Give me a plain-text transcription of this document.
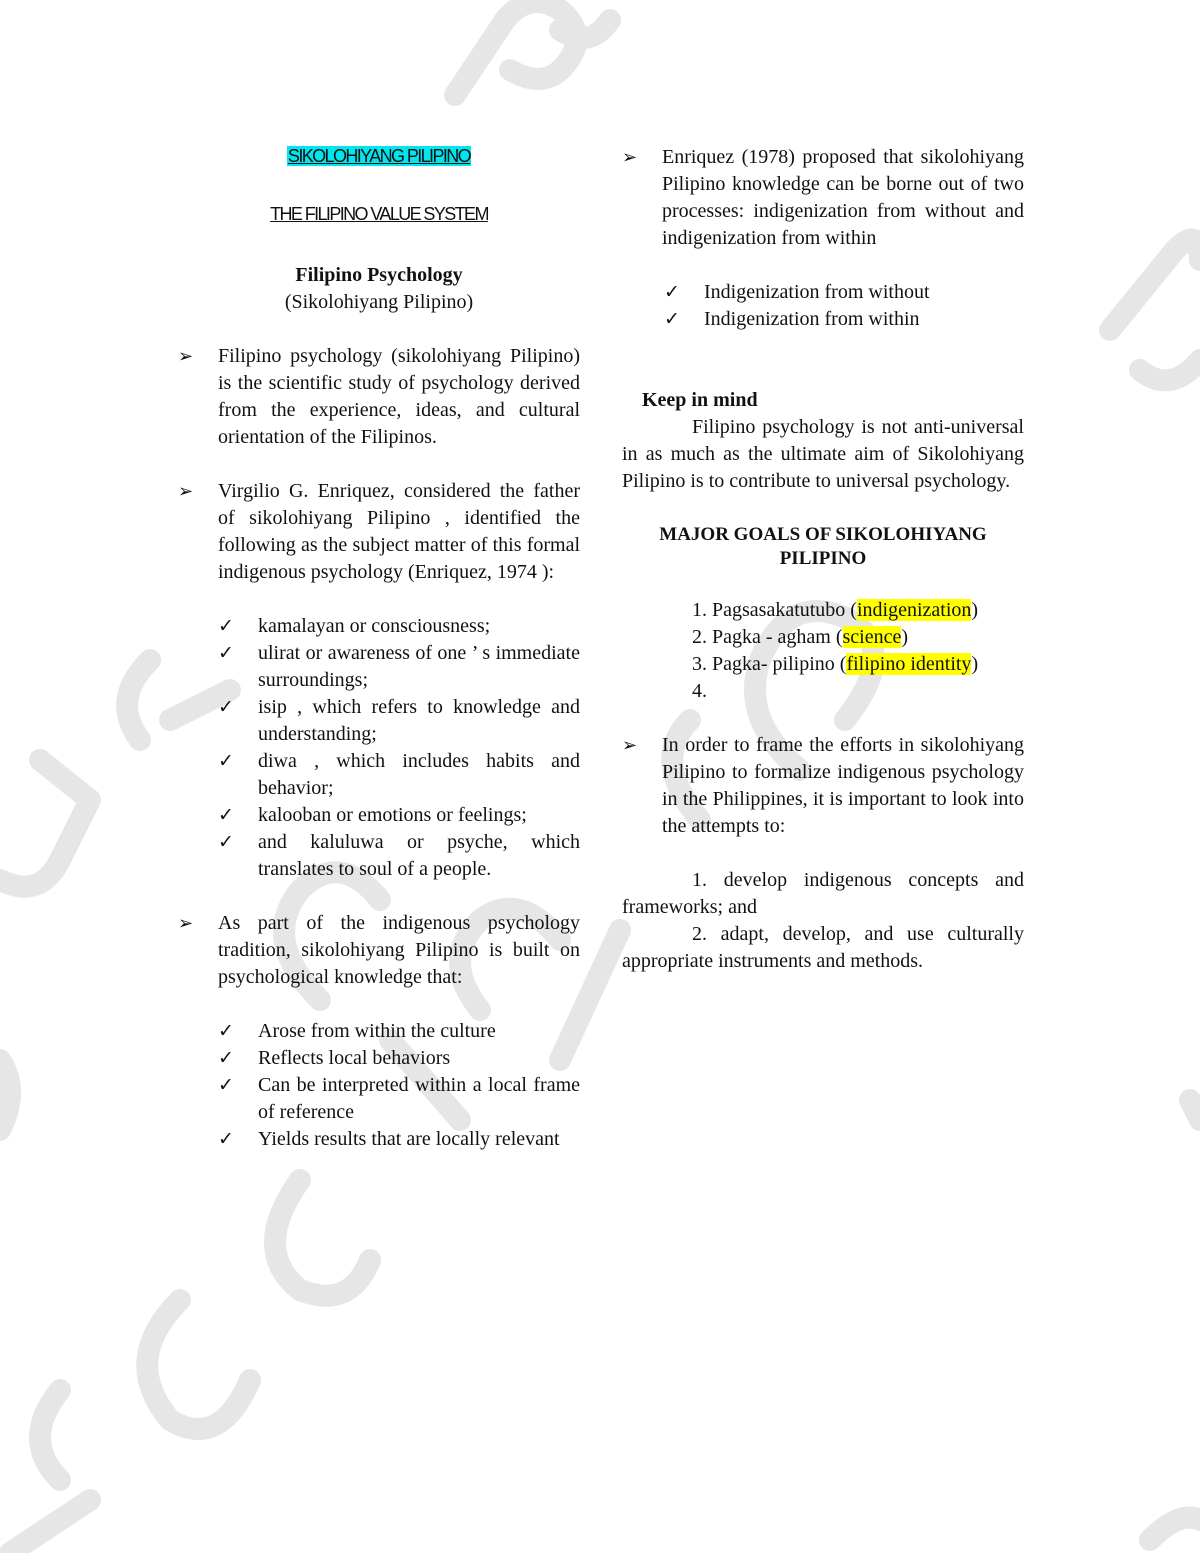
SIKOLOHIYANG PILIPINO

THE FILIPINO VALUE SYSTEM

Filipino Psychology

(Sikolohiyang Pilipino)

➢ Filipino psychology (sikolohiyang Pilipino) is the scientific study of psychology derived from the experience, ideas, and cultural orientation of the Filipinos.

➢ Virgilio G. Enriquez, considered the father of sikolohiyang Pilipino , identified the following as the subject matter of this formal indigenous psychology (Enriquez, 1974 ):

✓ kamalayan or consciousness;
✓ ulirat or awareness of one ’ s immediate surroundings;
✓ isip , which refers to knowledge and understanding;
✓ diwa , which includes habits and behavior;
✓ kalooban or emotions or feelings;
✓ and kaluluwa or psyche, which translates to soul of a people.
➢ As part of the indigenous psychology tradition, sikolohiyang Pilipino is built on psychological knowledge that:

✓ Arose from within the culture
✓ Reflects local behaviors
✓ Can be interpreted within a local frame of reference
✓ Yields results that are locally relevant
➢ Enriquez (1978) proposed that sikolohiyang Pilipino knowledge can be borne out of two processes: indigenization from without and indigenization from within

✓ Indigenization from without
✓ Indigenization from within

Keep in mind

Filipino psychology is not anti-universal in as much as the ultimate aim of Sikolohiyang Pilipino is to contribute to universal psychology.

MAJOR GOALS OF SIKOLOHIYANG PILIPINO

1. Pagsasakatutubo (indigenization)
2. Pagka - agham (science)
3. Pagka- pilipino (filipino identity)
4.
➢ In order to frame the efforts in sikolohiyang Pilipino to formalize indigenous psychology in the Philippines, it is important to look into the attempts to:

1. develop indigenous concepts and frameworks; and

2. adapt, develop, and use culturally appropriate instruments and methods.
